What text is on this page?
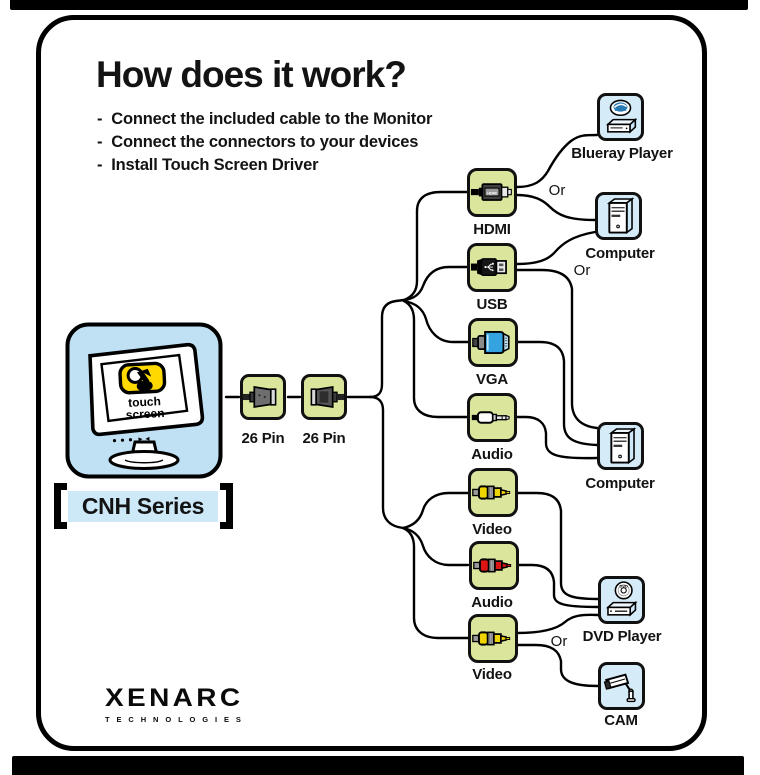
How does it work?
- Connect the included cable to the Monitor
- Connect the connectors to your devices
- Install Touch Screen Driver
touch
screen
CNH Series
26 Pin 26 Pin
HDMI
HDMI
USB
VGA
Audio
Video
Audio
Video
DVD
Blueray Player
Computer
Computer
DVD Player
CAM
Or
Or
Or
XENARC
TECHNOLOGIES
